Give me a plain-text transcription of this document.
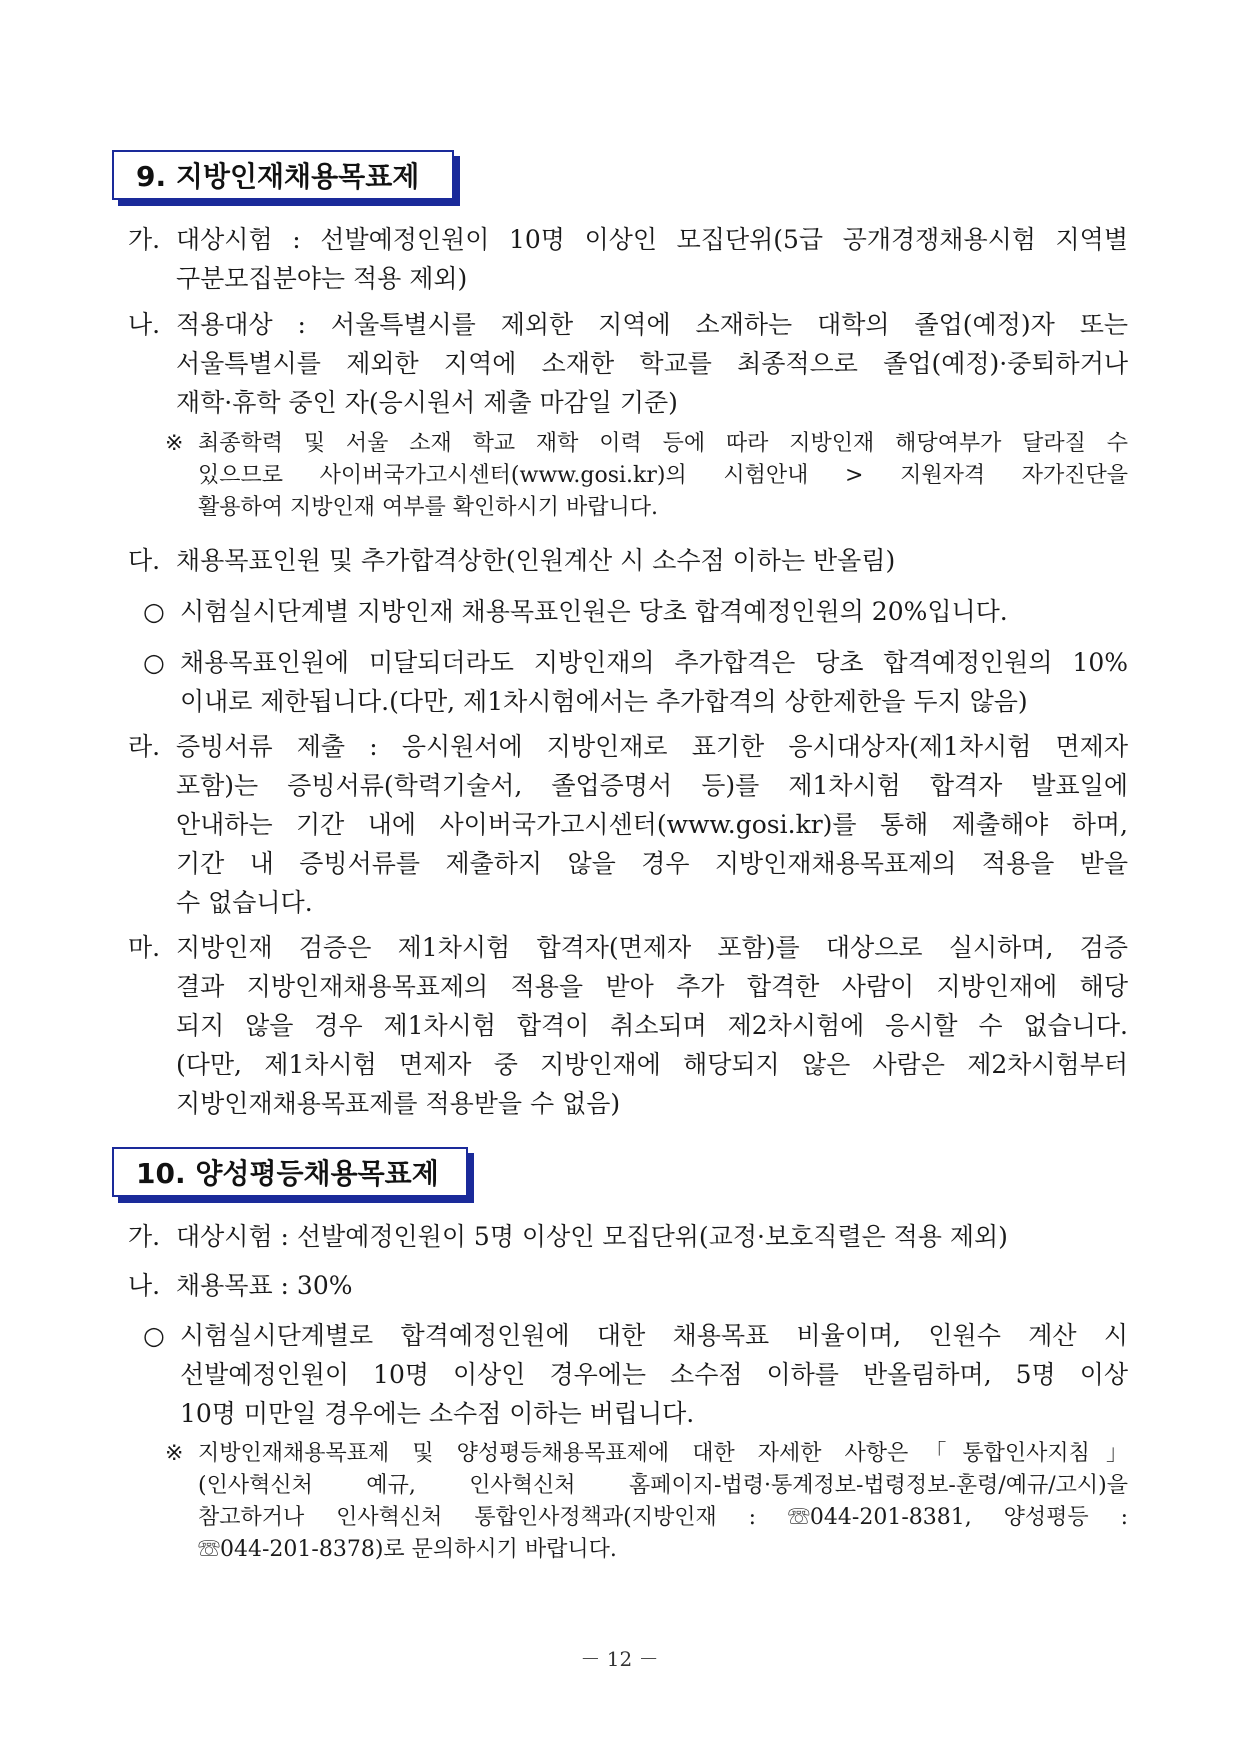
9. 지방인재채용목표제
가. 대상시험 : 선발예정인원이 10명 이상인 모집단위(5급 공개경쟁채용시험 지역별
구분모집분야는 적용 제외)
나. 적용대상 : 서울특별시를 제외한 지역에 소재하는 대학의 졸업(예정)자 또는
서울특별시를 제외한 지역에 소재한 학교를 최종적으로 졸업(예정)·중퇴하거나
재학·휴학 중인 자(응시원서 제출 마감일 기준)
※ 최종학력 및 서울 소재 학교 재학 이력 등에 따라 지방인재 해당여부가 달라질 수
있으므로 사이버국가고시센터(www.gosi.kr)의 시험안내 > 지원자격 자가진단을
활용하여 지방인재 여부를 확인하시기 바랍니다.
다. 채용목표인원 및 추가합격상한(인원계산 시 소수점 이하는 반올림)
○ 시험실시단계별 지방인재 채용목표인원은 당초 합격예정인원의 20%입니다.
○ 채용목표인원에 미달되더라도 지방인재의 추가합격은 당초 합격예정인원의 10%
이내로 제한됩니다.(다만, 제1차시험에서는 추가합격의 상한제한을 두지 않음)
라. 증빙서류 제출 : 응시원서에 지방인재로 표기한 응시대상자(제1차시험 면제자
포함)는 증빙서류(학력기술서, 졸업증명서 등)를 제1차시험 합격자 발표일에
안내하는 기간 내에 사이버국가고시센터(www.gosi.kr)를 통해 제출해야 하며,
기간 내 증빙서류를 제출하지 않을 경우 지방인재채용목표제의 적용을 받을
수 없습니다.
마. 지방인재 검증은 제1차시험 합격자(면제자 포함)를 대상으로 실시하며, 검증
결과 지방인재채용목표제의 적용을 받아 추가 합격한 사람이 지방인재에 해당
되지 않을 경우 제1차시험 합격이 취소되며 제2차시험에 응시할 수 없습니다.
(다만, 제1차시험 면제자 중 지방인재에 해당되지 않은 사람은 제2차시험부터
지방인재채용목표제를 적용받을 수 없음)
10. 양성평등채용목표제
가. 대상시험 : 선발예정인원이 5명 이상인 모집단위(교정·보호직렬은 적용 제외)
나. 채용목표 : 30%
○ 시험실시단계별로 합격예정인원에 대한 채용목표 비율이며, 인원수 계산 시
선발예정인원이 10명 이상인 경우에는 소수점 이하를 반올림하며, 5명 이상
10명 미만일 경우에는 소수점 이하는 버립니다.
※ 지방인재채용목표제 및 양성평등채용목표제에 대한 자세한 사항은「통합인사지침」
(인사혁신처 예규, 인사혁신처 홈페이지-법령·통계정보-법령정보-훈령/예규/고시)을
참고하거나 인사혁신처 통합인사정책과(지방인재 : ☏044-201-8381, 양성평등 :
☏044-201-8378)로 문의하시기 바랍니다.
－ 12 －
